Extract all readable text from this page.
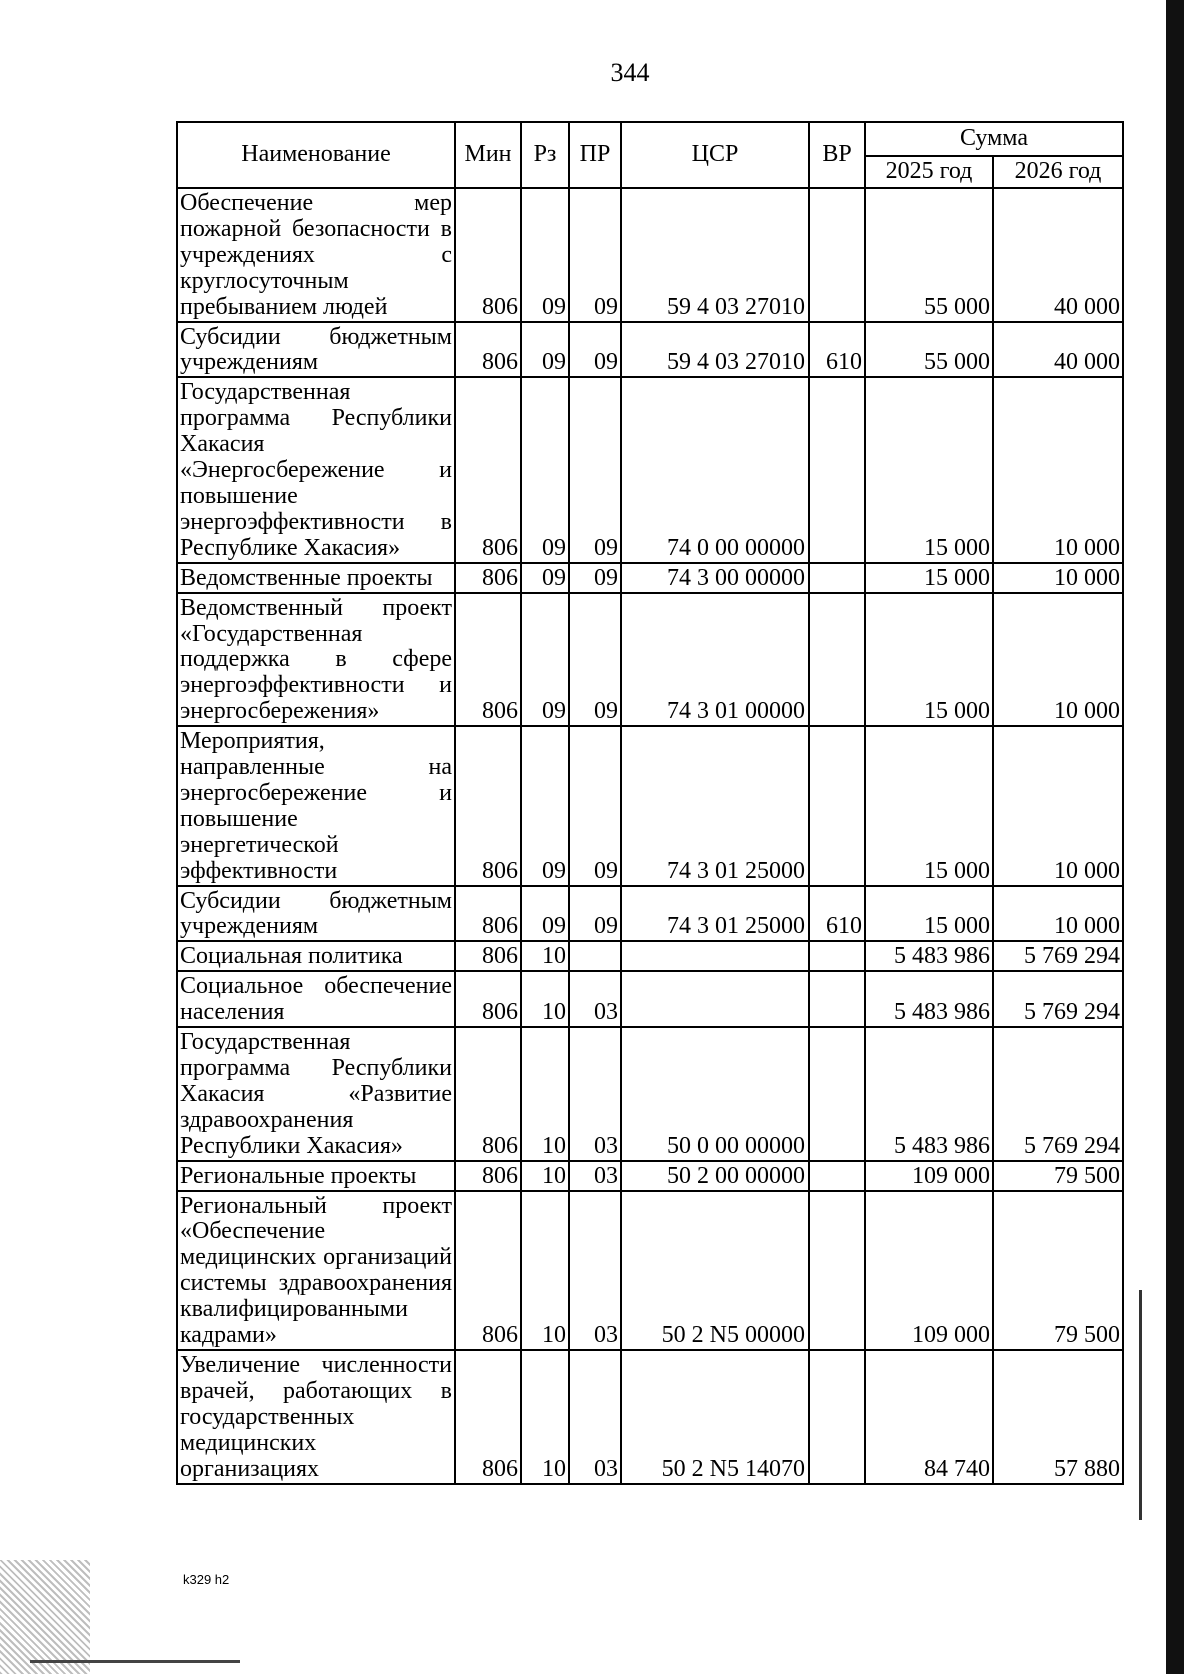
344
Наименование	Мин	Рз	ПР	ЦСР	ВР	Сумма	
						2025 год	2026 год
Обеспечение мер пожарной безопасности в учреждениях с круглосуточным пребыванием людей	806	09	09	59 4 03 27010		55 000	40 000
Субсидии бюджетным учреждениям	806	09	09	59 4 03 27010	610	55 000	40 000
Государственная программа Республики Хакасия «Энергосбережение и повышение энергоэффективности в Республике Хакасия»	806	09	09	74 0 00 00000		15 000	10 000
Ведомственные проекты	806	09	09	74 3 00 00000		15 000	10 000
Ведомственный проект «Государственная поддержка в сфере энергоэффективности и энергосбережения»	806	09	09	74 3 01 00000		15 000	10 000
Мероприятия, направленные на энергосбережение и повышение энергетической эффективности	806	09	09	74 3 01 25000		15 000	10 000
Субсидии бюджетным учреждениям	806	09	09	74 3 01 25000	610	15 000	10 000
Социальная политика	806	10				5 483 986	5 769 294
Социальное обеспечение населения	806	10	03			5 483 986	5 769 294
Государственная программа Республики Хакасия «Развитие здравоохранения Республики Хакасия»	806	10	03	50 0 00 00000		5 483 986	5 769 294
Региональные проекты	806	10	03	50 2 00 00000		109 000	79 500
Региональный проект «Обеспечение медицинских организаций системы здравоохранения квалифицированными кадрами»	806	10	03	50 2 N5 00000		109 000	79 500
Увеличение численности врачей, работающих в государственных медицинских организациях	806	10	03	50 2 N5 14070		84 740	57 880
k329 h2
